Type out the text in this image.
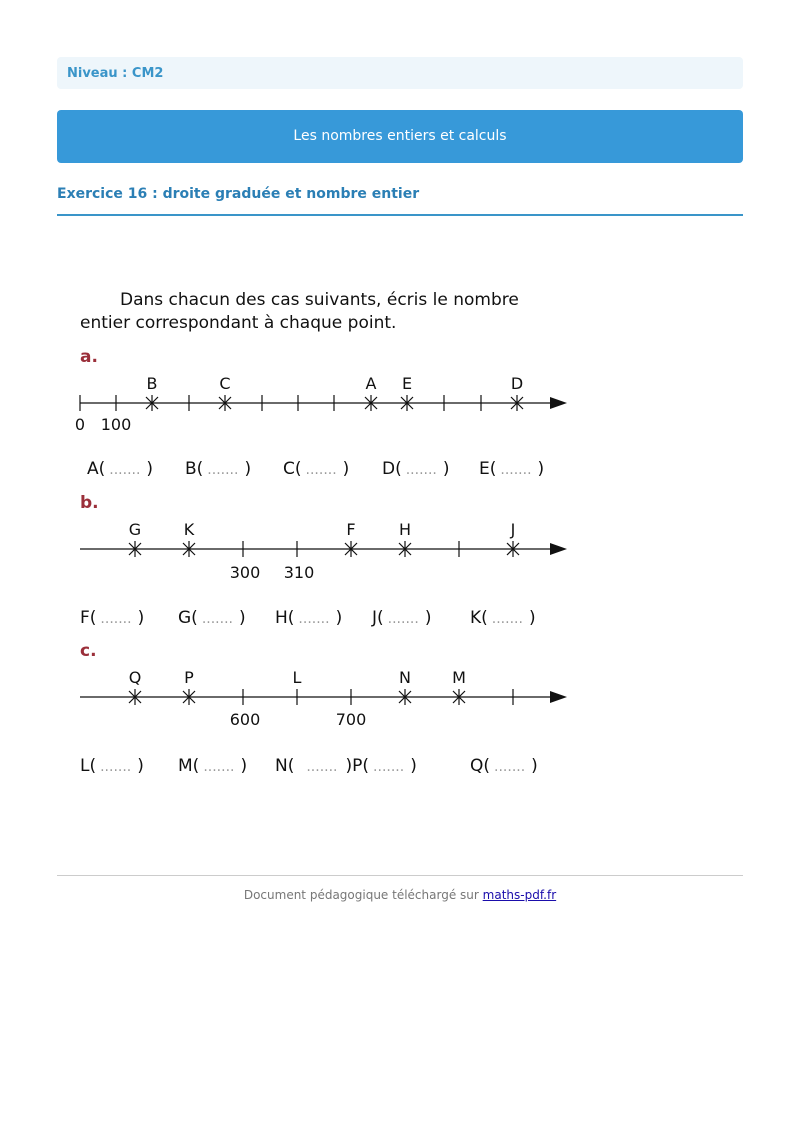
Niveau : CM2
Les nombres entiers et calculs
Exercice 16 : droite graduée et nombre entier
Dans chacun des cas suivants, écris le nombre
entier correspondant à chaque point.
a.
B	C	A E	D
0 100
A( ....... ) B( ....... ) C( ....... ) D( ....... ) E( ....... )
b.
G	K	F	H	J
300 310
F( ....... ) G( ....... ) H( ....... ) J( ....... ) K( ....... )
c.
Q	P	L	N	M
600	700
L( ....... ) M( ....... ) N( ....... )P( ....... )	Q( ....... )
Document pédagogique téléchargé sur maths-pdf.fr
